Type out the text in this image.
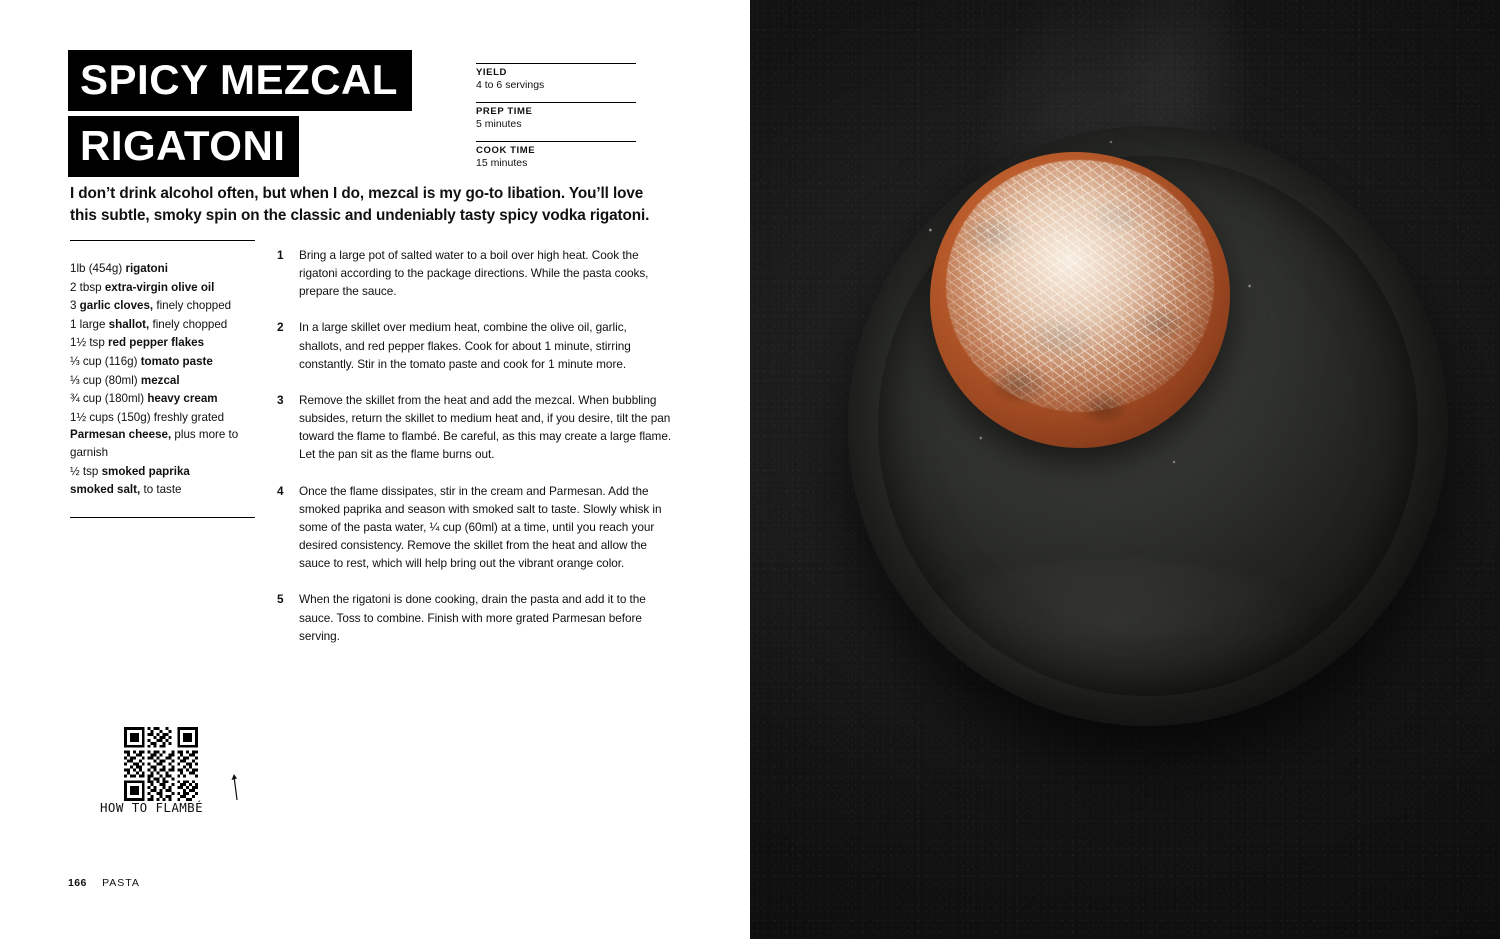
SPICY MEZCAL
RIGATONI
YIELD
4 to 6 servings
PREP TIME
5 minutes
COOK TIME
15 minutes
I don’t drink alcohol often, but when I do, mezcal is my go-to libation. You’ll love this subtle, smoky spin on the classic and undeniably tasty spicy vodka rigatoni.
1lb (454g) rigatoni
2 tbsp extra-virgin olive oil
3 garlic cloves, finely chopped
1 large shallot, finely chopped
1½ tsp red pepper flakes
⅓ cup (116g) tomato paste
⅓ cup (80ml) mezcal
¾ cup (180ml) heavy cream
1½ cups (150g) freshly grated Parmesan cheese, plus more to garnish
½ tsp smoked paprika
smoked salt, to taste
1	Bring a large pot of salted water to a boil over high heat. Cook the rigatoni according to the package directions. While the pasta cooks, prepare the sauce.
2	In a large skillet over medium heat, combine the olive oil, garlic, shallots, and red pepper flakes. Cook for about 1 minute, stirring constantly. Stir in the tomato paste and cook for 1 minute more.
3	Remove the skillet from the heat and add the mezcal. When bubbling subsides, return the skillet to medium heat and, if you desire, tilt the pan toward the flame to flambé. Be careful, as this may create a large flame. Let the pan sit as the flame burns out.
4	Once the flame dissipates, stir in the cream and Parmesan. Add the smoked paprika and season with smoked salt to taste. Slowly whisk in some of the pasta water, ¼ cup (60ml) at a time, until you reach your desired consistency. Remove the skillet from the heat and allow the sauce to rest, which will help bring out the vibrant orange color.
5	When the rigatoni is done cooking, drain the pasta and add it to the sauce. Toss to combine. Finish with more grated Parmesan before serving.

HOW TO FLAMBÉ
166 PASTA
